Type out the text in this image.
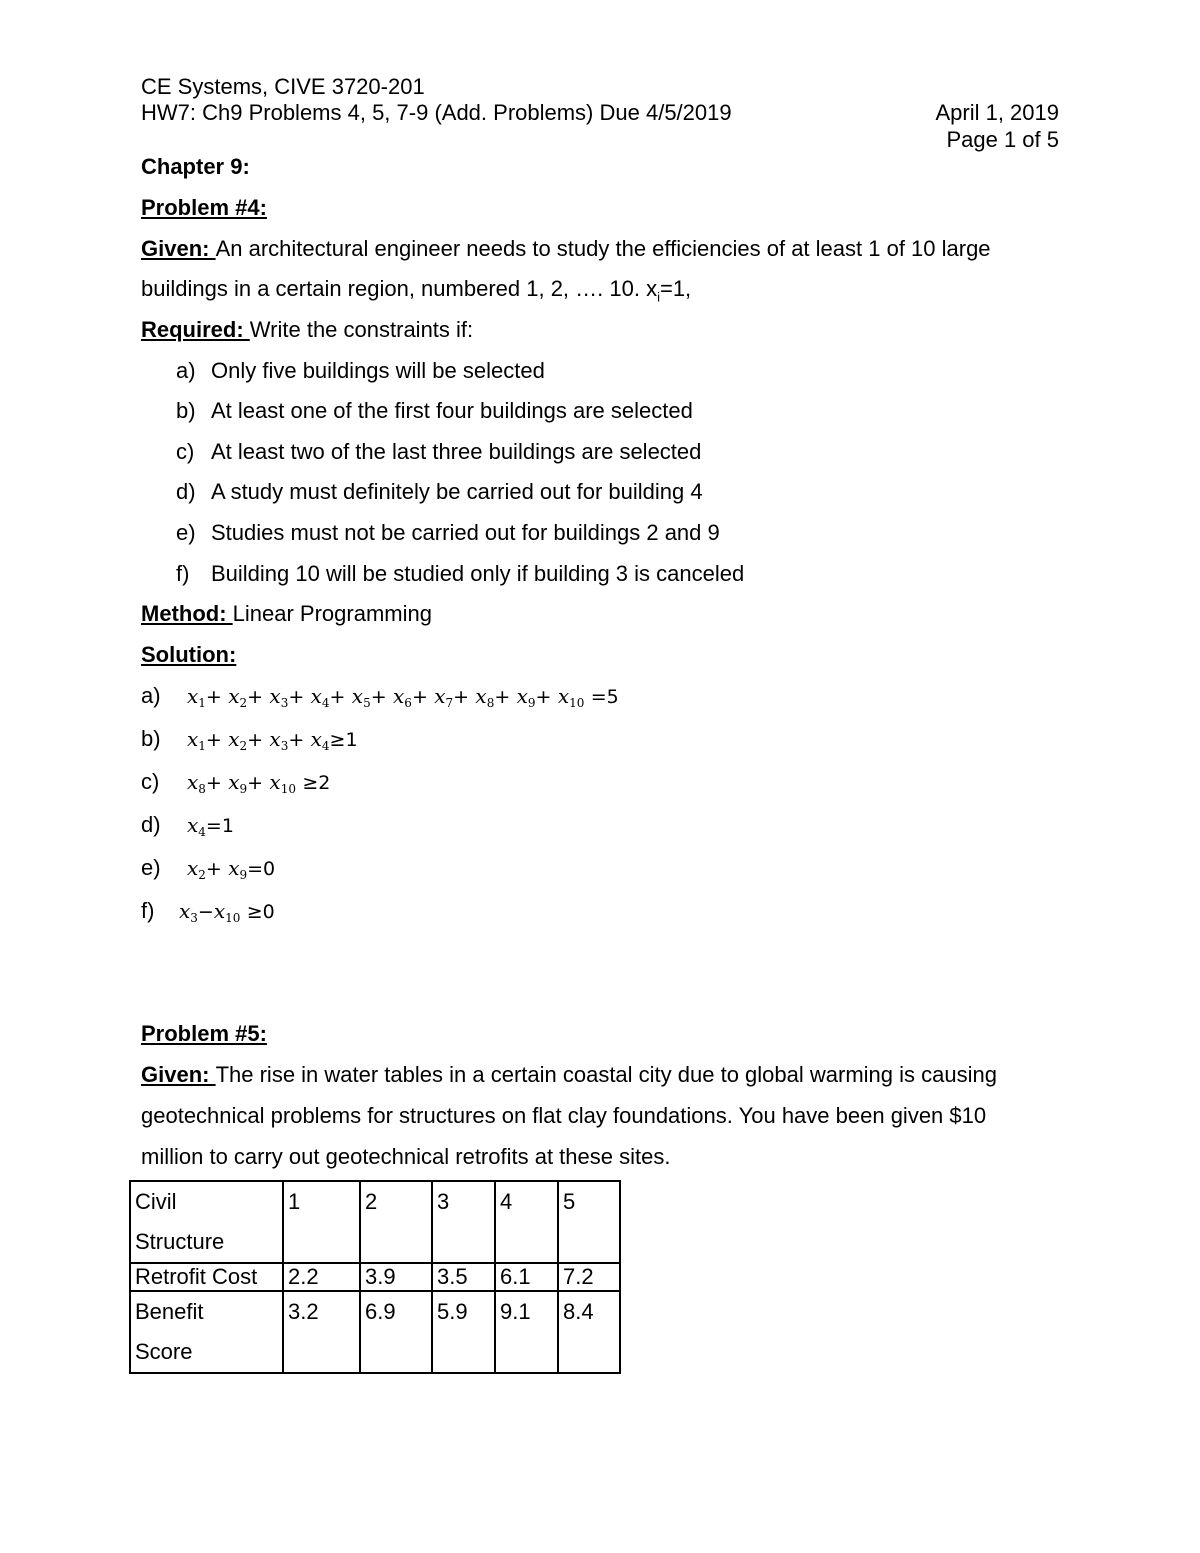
CE Systems, CIVE 3720-201
HW7: Ch9 Problems 4, 5, 7-9 (Add. Problems) Due 4/5/2019	April 1, 2019
Page 1 of 5
Chapter 9:
Problem #4:
Given: An architectural engineer needs to study the efficiencies of at least 1 of 10 large
buildings in a certain region, numbered 1, 2, …. 10. $x_i=1$,
Required: Write the constraints if:
a) Only five buildings will be selected
b) At least one of the first four buildings are selected
c) At least two of the last three buildings are selected
d) A study must definitely be carried out for building 4
e) Studies must not be carried out for buildings 2 and 9
f) Building 10 will be studied only if building 3 is canceled
Method: Linear Programming
Solution:
a) $x_1+ x_2+ x_3+ x_4+ x_5+ x_6+ x_7+ x_8+ x_9+ x_{10} =5$
b) $x_1+ x_2+ x_3+ x_4\ge 1$
c) $x_8+ x_9+ x_{10} \ge 2$
d) $x_4=1$
e) $x_2+ x_9=0$
f) $x_3-x_{10} \ge 0$
Problem #5:
Given: The rise in water tables in a certain coastal city due to global warming is causing
geotechnical problems for structures on flat clay foundations. You have been given $10
million to carry out geotechnical retrofits at these sites.
Civil
Structure	1	2	3	4	5
Retrofit Cost	2.2	3.9	3.5	6.1	7.2
Benefit
Score	3.2	6.9	5.9	9.1	8.4
